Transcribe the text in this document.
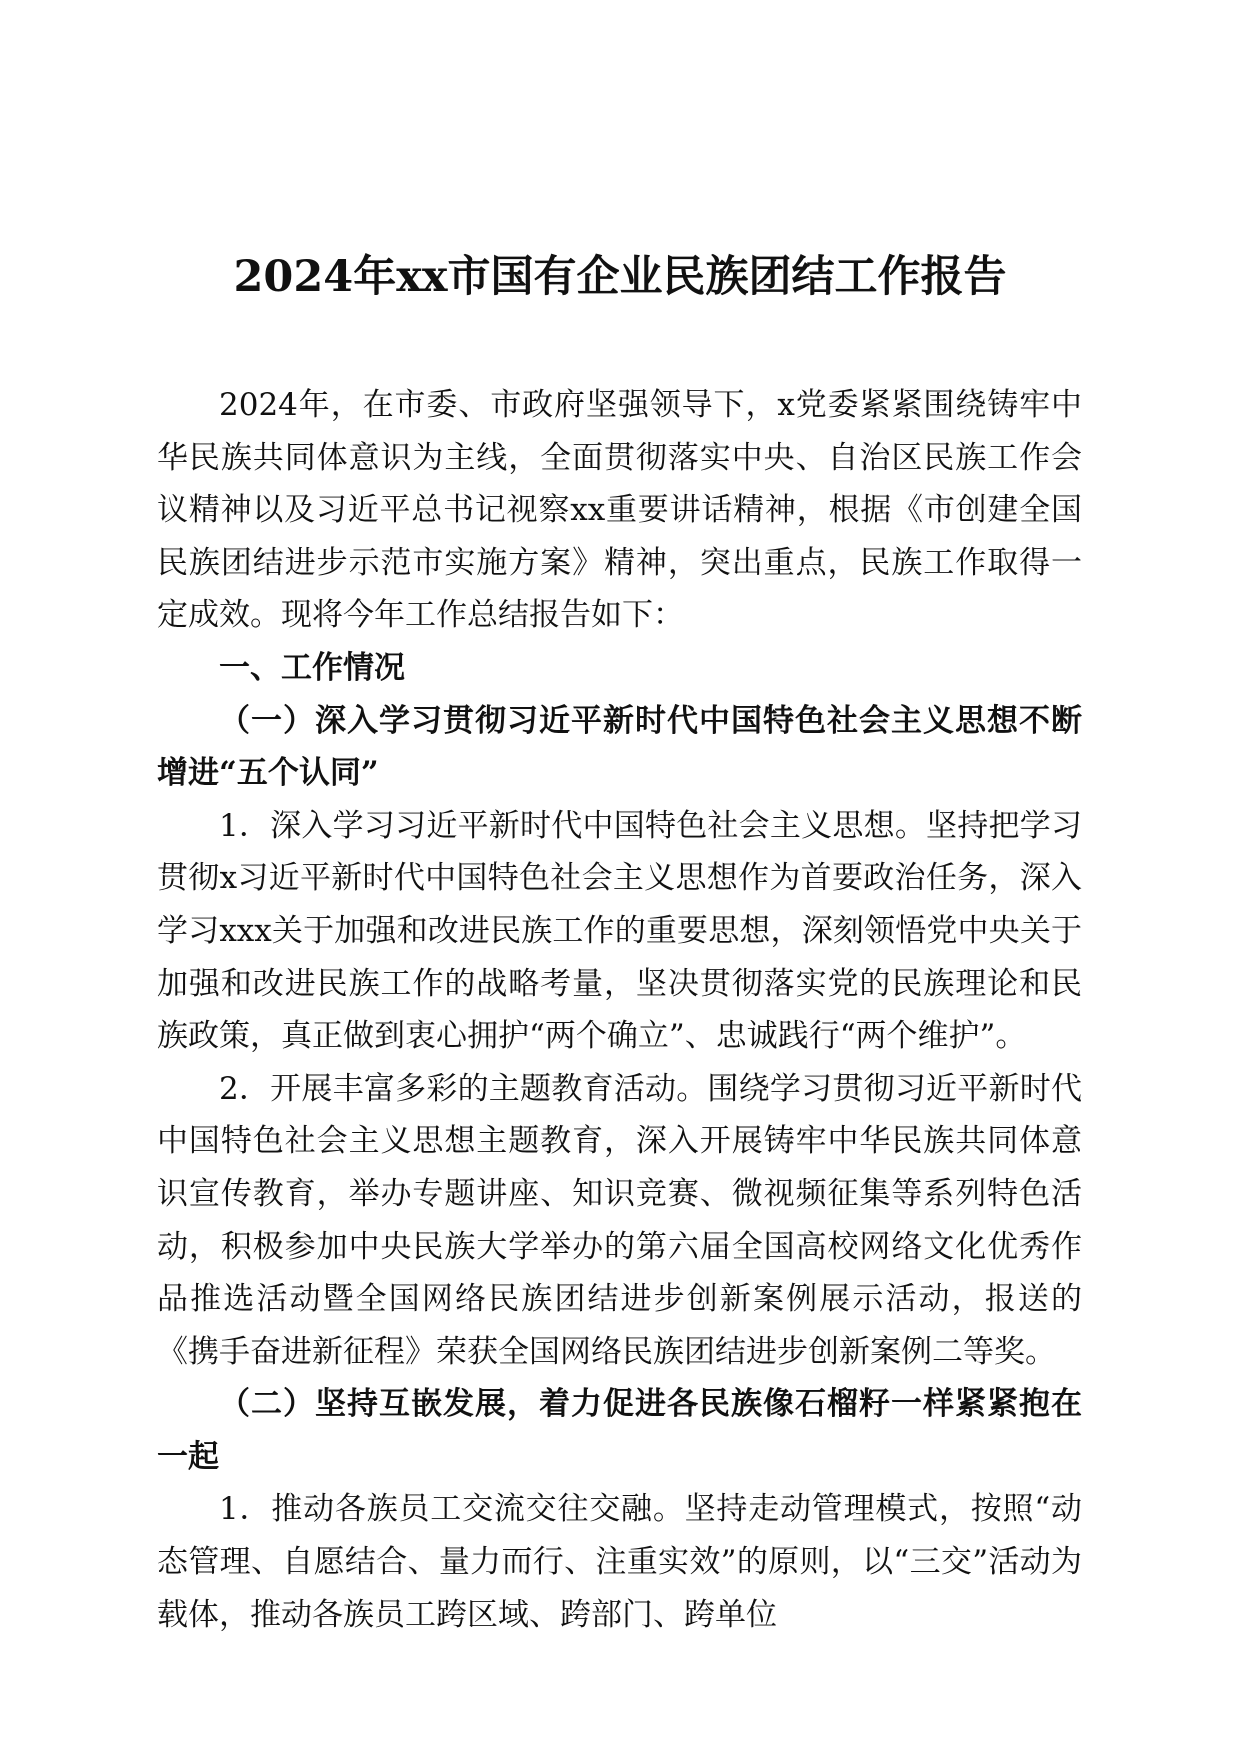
2024年xx市国有企业民族团结工作报告

2024年，在市委、市政府坚强领导下，x党委紧紧围绕铸牢中华民族共同体意识为主线，全面贯彻落实中央、自治区民族工作会议精神以及习近平总书记视察xx重要讲话精神，根据《市创建全国民族团结进步示范市实施方案》精神，突出重点，民族工作取得一定成效。现将今年工作总结报告如下：

一、工作情况

（一）深入学习贯彻习近平新时代中国特色社会主义思想不断增进“五个认同”

1．深入学习习近平新时代中国特色社会主义思想。坚持把学习贯彻x习近平新时代中国特色社会主义思想作为首要政治任务，深入学习xxx关于加强和改进民族工作的重要思想，深刻领悟党中央关于加强和改进民族工作的战略考量，坚决贯彻落实党的民族理论和民族政策，真正做到衷心拥护“两个确立”、忠诚践行“两个维护”。

2．开展丰富多彩的主题教育活动。围绕学习贯彻习近平新时代中国特色社会主义思想主题教育，深入开展铸牢中华民族共同体意识宣传教育，举办专题讲座、知识竞赛、微视频征集等系列特色活动，积极参加中央民族大学举办的第六届全国高校网络文化优秀作品推选活动暨全国网络民族团结进步创新案例展示活动，报送的《携手奋进新征程》荣获全国网络民族团结进步创新案例二等奖。

（二）坚持互嵌发展，着力促进各民族像石榴籽一样紧紧抱在一起

1．推动各族员工交流交往交融。坚持走动管理模式，按照“动态管理、自愿结合、量力而行、注重实效”的原则，以“三交”活动为载体，推动各族员工跨区域、跨部门、跨单位
